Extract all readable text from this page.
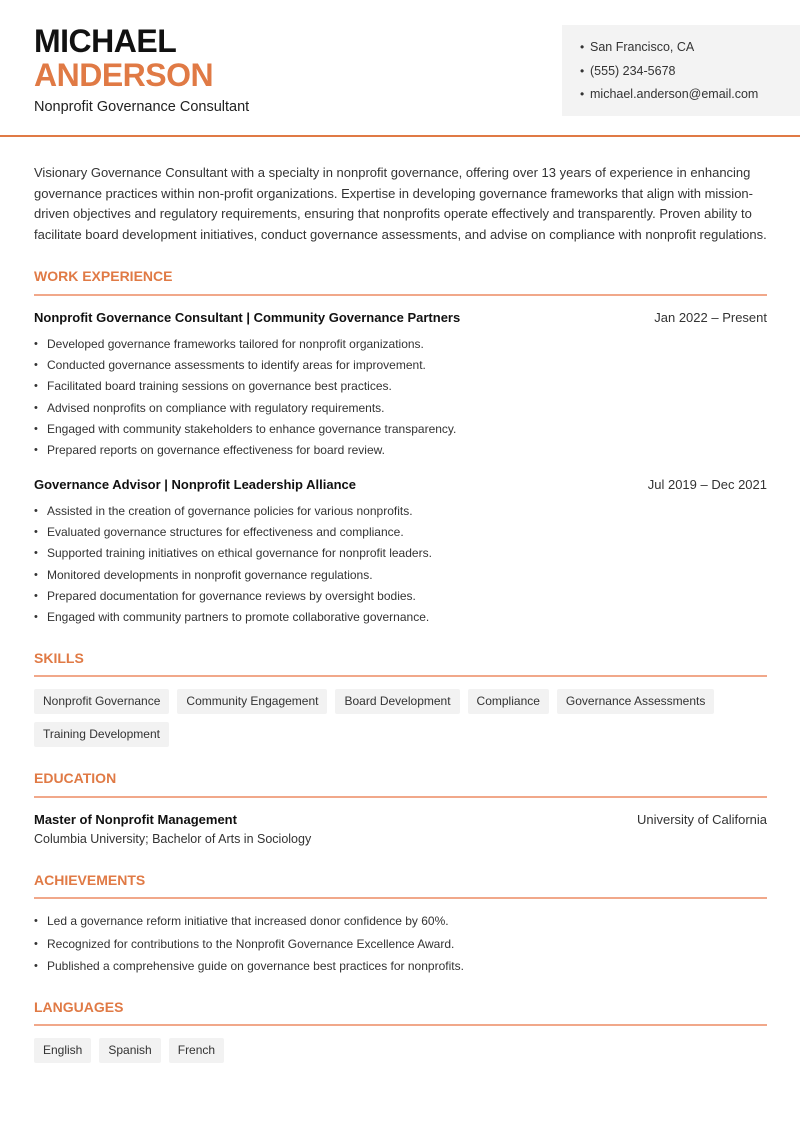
MICHAEL
ANDERSON
Nonprofit Governance Consultant
• San Francisco, CA
• (555) 234-5678
• michael.anderson@email.com

Visionary Governance Consultant with a specialty in nonprofit governance, offering over 13 years of experience in enhancing governance practices within non-profit organizations. Expertise in developing governance frameworks that align with mission-driven objectives and regulatory requirements, ensuring that nonprofits operate effectively and transparently. Proven ability to facilitate board development initiatives, conduct governance assessments, and advise on compliance with nonprofit regulations.

WORK EXPERIENCE
Nonprofit Governance Consultant | Community Governance Partners	Jan 2022 – Present
• Developed governance frameworks tailored for nonprofit organizations.
• Conducted governance assessments to identify areas for improvement.
• Facilitated board training sessions on governance best practices.
• Advised nonprofits on compliance with regulatory requirements.
• Engaged with community stakeholders to enhance governance transparency.
• Prepared reports on governance effectiveness for board review.
Governance Advisor | Nonprofit Leadership Alliance	Jul 2019 – Dec 2021
• Assisted in the creation of governance policies for various nonprofits.
• Evaluated governance structures for effectiveness and compliance.
• Supported training initiatives on ethical governance for nonprofit leaders.
• Monitored developments in nonprofit governance regulations.
• Prepared documentation for governance reviews by oversight bodies.
• Engaged with community partners to promote collaborative governance.
SKILLS
Nonprofit Governance	Community Engagement	Board Development	Compliance	Governance Assessments
Training Development
EDUCATION
Master of Nonprofit Management	University of California
Columbia University; Bachelor of Arts in Sociology
ACHIEVEMENTS
• Led a governance reform initiative that increased donor confidence by 60%.
• Recognized for contributions to the Nonprofit Governance Excellence Award.
• Published a comprehensive guide on governance best practices for nonprofits.
LANGUAGES
English	Spanish	French
